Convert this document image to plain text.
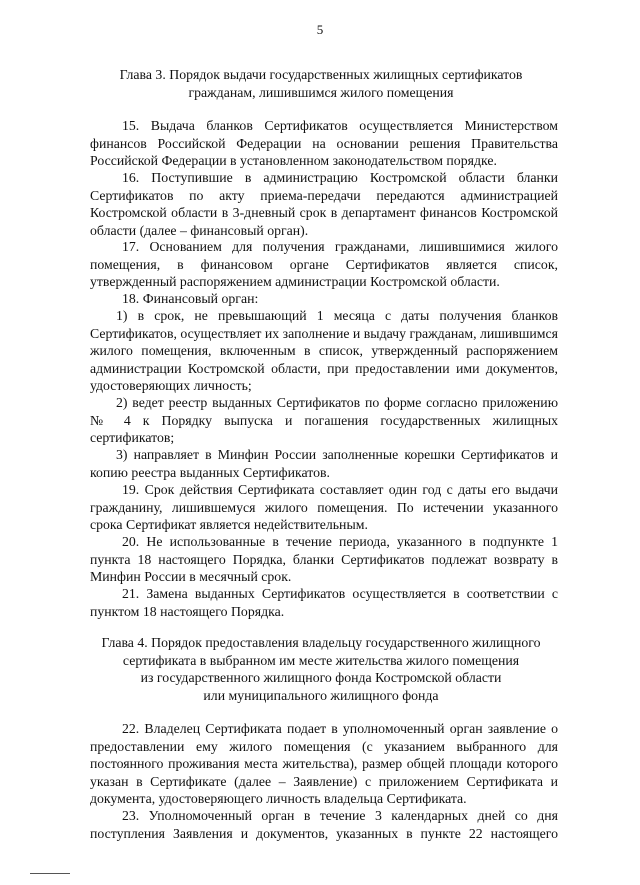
5
Глава 3. Порядок выдачи государственных жилищных сертификатов
гражданам, лишившимся жилого помещения
15. Выдача бланков Сертификатов осуществляется Министерством финансов Российской Федерации на основании решения Правительства Российской Федерации в установленном законодательством порядке.
16. Поступившие в администрацию Костромской области бланки Сертификатов по акту приема-передачи передаются администрацией Костромской области в 3-дневный срок в департамент финансов Костромской области (далее – финансовый орган).
17. Основанием для получения гражданами, лишившимися жилого помещения, в финансовом органе Сертификатов является список, утвержденный распоряжением администрации Костромской области.
18. Финансовый орган:
1) в срок, не превышающий 1 месяца с даты получения бланков Сертификатов, осуществляет их заполнение и выдачу гражданам, лишившимся жилого помещения, включенным в список, утвержденный распоряжением администрации Костромской области, при предоставлении ими документов, удостоверяющих личность;
2) ведет реестр выданных Сертификатов по форме согласно приложению № 4 к Порядку выпуска и погашения государственных жилищных сертификатов;
3) направляет в Минфин России заполненные корешки Сертификатов и копию реестра выданных Сертификатов.
19. Срок действия Сертификата составляет один год с даты его выдачи гражданину, лишившемуся жилого помещения. По истечении указанного срока Сертификат является недействительным.
20. Не использованные в течение периода, указанного в подпункте 1 пункта 18 настоящего Порядка, бланки Сертификатов подлежат возврату в Минфин России в месячный срок.
21. Замена выданных Сертификатов осуществляется в соответствии с пунктом 18 настоящего Порядка.
Глава 4. Порядок предоставления владельцу государственного жилищного
сертификата в выбранном им месте жительства жилого помещения
из государственного жилищного фонда Костромской области
или муниципального жилищного фонда
22. Владелец Сертификата подает в уполномоченный орган заявление о предоставлении ему жилого помещения (с указанием выбранного для постоянного проживания места жительства), размер общей площади которого указан в Сертификате (далее – Заявление) с приложением Сертификата и документа, удостоверяющего личность владельца Сертификата.
23. Уполномоченный орган в течение 3 календарных дней со дня поступления Заявления и документов, указанных в пункте 22 настоящего
